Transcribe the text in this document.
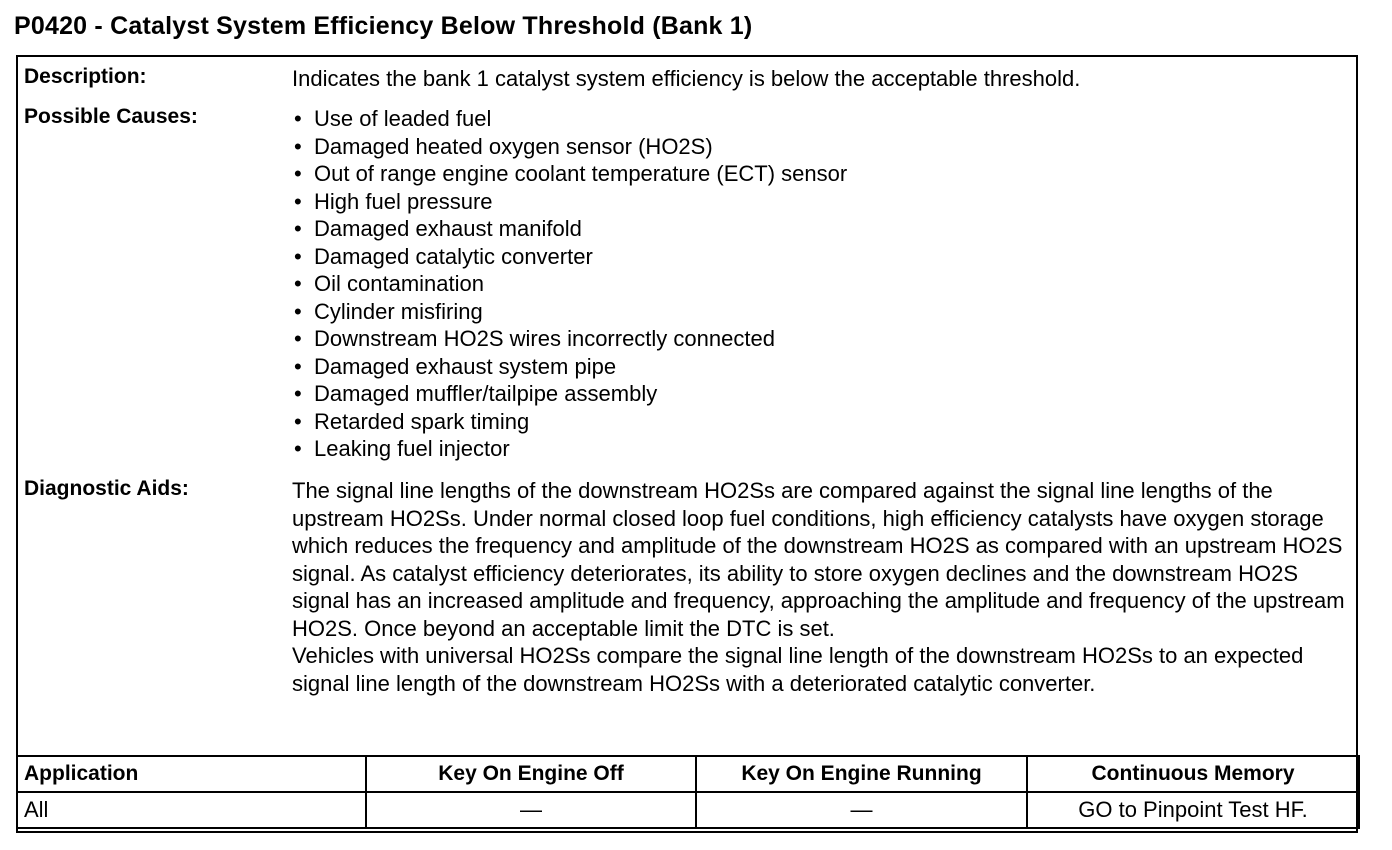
P0420 - Catalyst System Efficiency Below Threshold (Bank 1)
Description:	Indicates the bank 1 catalyst system efficiency is below the acceptable threshold.
Possible Causes:	• Use of leaded fuel
• Damaged heated oxygen sensor (HO2S)
• Out of range engine coolant temperature (ECT) sensor
• High fuel pressure
• Damaged exhaust manifold
• Damaged catalytic converter
• Oil contamination
• Cylinder misfiring
• Downstream HO2S wires incorrectly connected
• Damaged exhaust system pipe
• Damaged muffler/tailpipe assembly
• Retarded spark timing
• Leaking fuel injector
Diagnostic Aids:	The signal line lengths of the downstream HO2Ss are compared against the signal line lengths of the upstream HO2Ss. Under normal closed loop fuel conditions, high efficiency catalysts have oxygen storage which reduces the frequency and amplitude of the downstream HO2S as compared with an upstream HO2S signal. As catalyst efficiency deteriorates, its ability to store oxygen declines and the downstream HO2S signal has an increased amplitude and frequency, approaching the amplitude and frequency of the upstream HO2S. Once beyond an acceptable limit the DTC is set.

Vehicles with universal HO2Ss compare the signal line length of the downstream HO2Ss to an expected signal line length of the downstream HO2Ss with a deteriorated catalytic converter.

Application	Key On Engine Off	Key On Engine Running	Continuous Memory
All	—	—	GO to Pinpoint Test HF.
